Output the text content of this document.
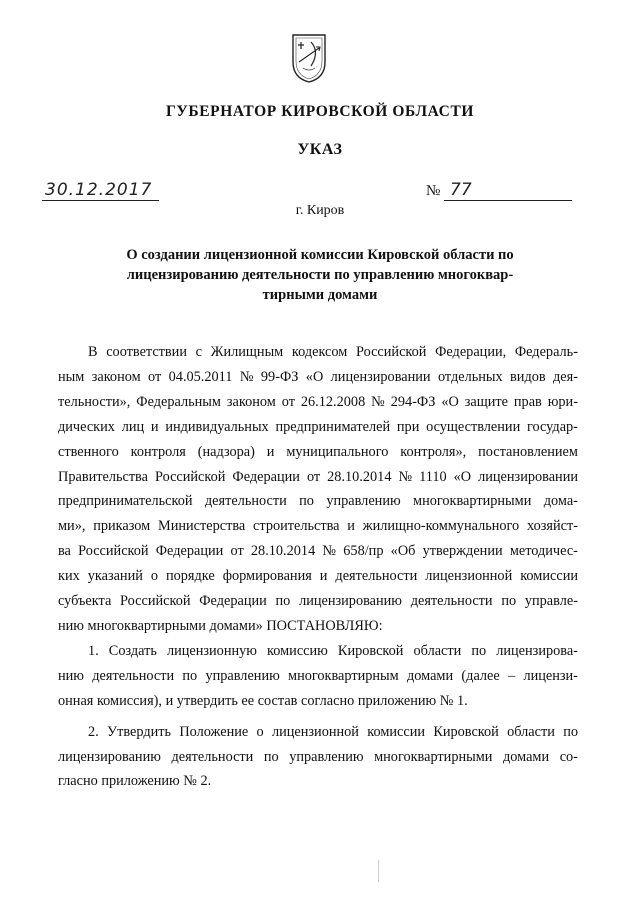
ГУБЕРНАТОР КИРОВСКОЙ ОБЛАСТИ
УКАЗ
30.12.2017	№ 77
г. Киров
О создании лицензионной комиссии Кировской области по
лицензированию деятельности по управлению многоквар-
тирными домами
В соответствии с Жилищным кодексом Российской Федерации, Федераль-
ным законом от 04.05.2011 № 99-ФЗ «О лицензировании отдельных видов дея-
тельности», Федеральным законом от 26.12.2008 № 294-ФЗ «О защите прав юри-
дических лиц и индивидуальных предпринимателей при осуществлении государ-
ственного контроля (надзора) и муниципального контроля», постановлением
Правительства Российской Федерации от 28.10.2014 № 1110 «О лицензировании
предпринимательской деятельности по управлению многоквартирными дома-
ми», приказом Министерства строительства и жилищно-коммунального хозяйст-
ва Российской Федерации от 28.10.2014 № 658/пр «Об утверждении методичес-
ких указаний о порядке формирования и деятельности лицензионной комиссии
субъекта Российской Федерации по лицензированию деятельности по управле-
нию многоквартирными домами» ПОСТАНОВЛЯЮ:
1. Создать лицензионную комиссию Кировской области по лицензирова-
нию деятельности по управлению многоквартирным домами (далее – лицензи-
онная комиссия), и утвердить ее состав согласно приложению № 1.
2. Утвердить Положение о лицензионной комиссии Кировской области по
лицензированию деятельности по управлению многоквартирными домами со-
гласно приложению № 2.
